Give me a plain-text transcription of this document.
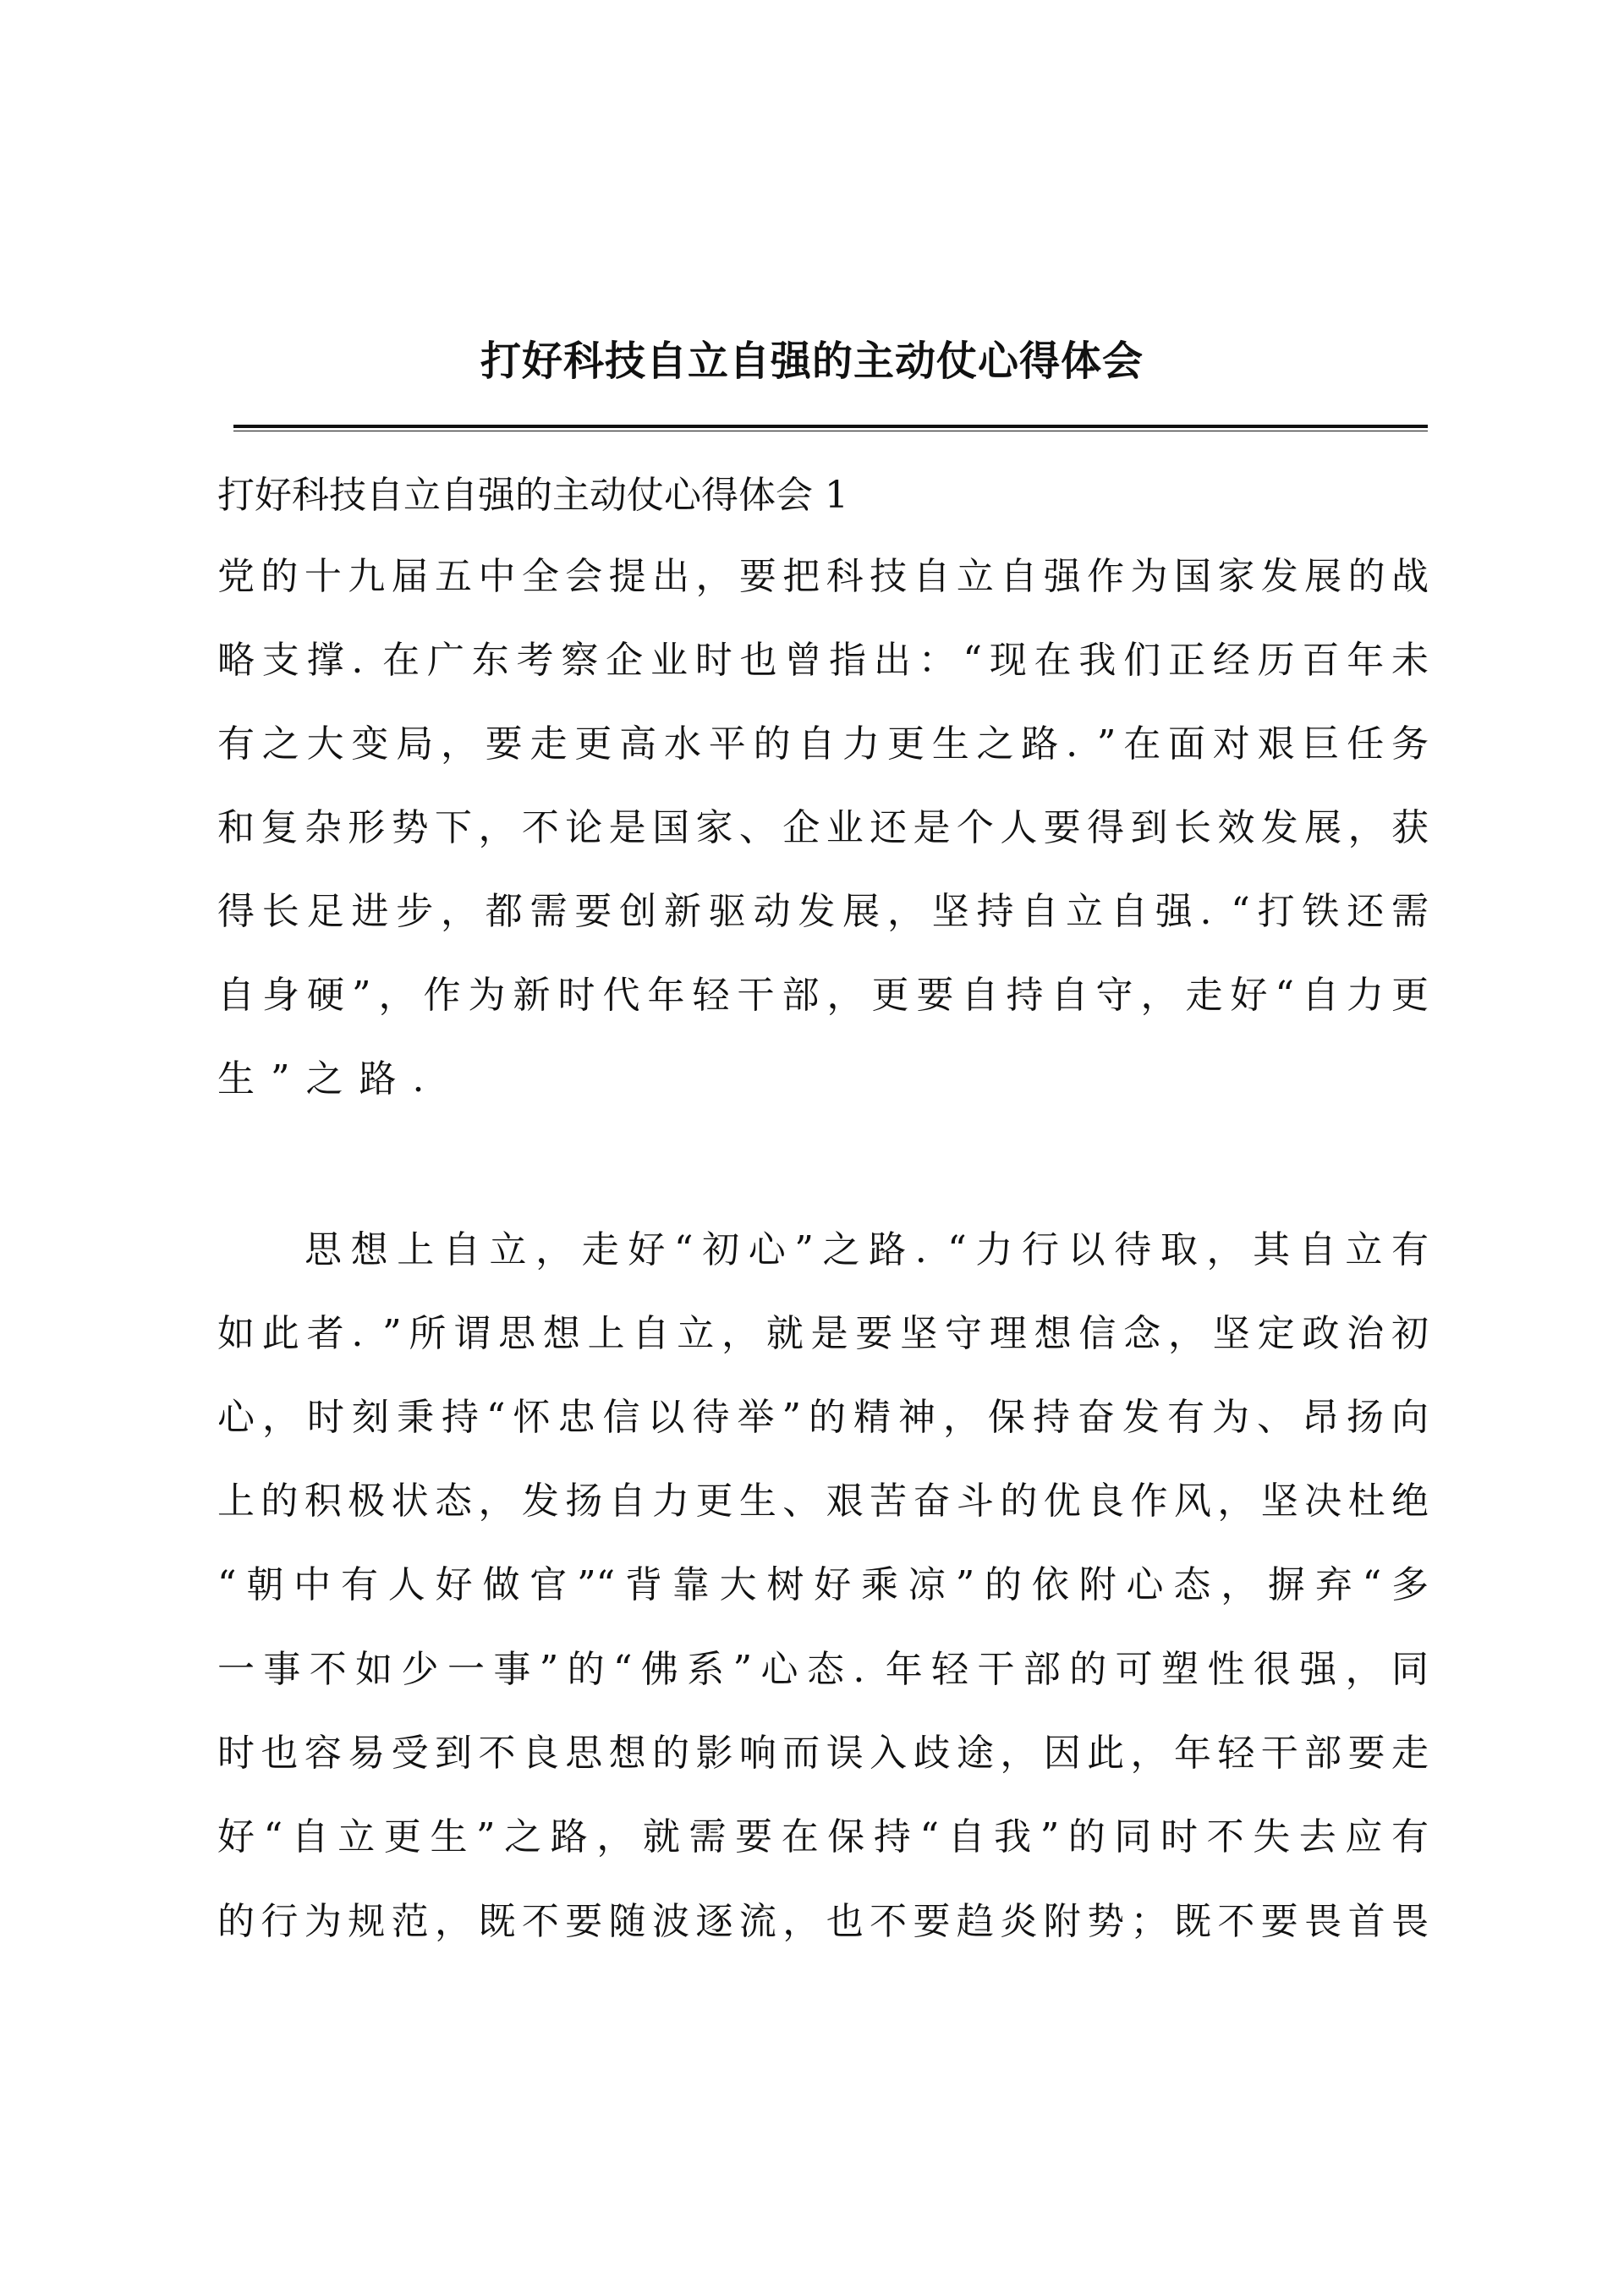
打好科技自立自强的主动仗心得体会
打好科技自立自强的主动仗心得体会 1
党的十九届五中全会提出，要把科技自立自强作为国家发展的战
略支撑. 在广东考察企业时也曾指出：“现在我们正经历百年未
有之大变局，要走更高水平的自力更生之路. ”在面对艰巨任务
和复杂形势下，不论是国家、企业还是个人要得到长效发展，获
得长足进步，都需要创新驱动发展，坚持自立自强. “打铁还需
自身硬”，作为新时代年轻干部，更要自持自守，走好“自力更
生”之路.
思想上自立，走好“初心”之路. “力行以待取，其自立有
如此者. ”所谓思想上自立，就是要坚守理想信念，坚定政治初
心，时刻秉持“怀忠信以待举”的精神，保持奋发有为、昂扬向
上的积极状态，发扬自力更生、艰苦奋斗的优良作风，坚决杜绝
“朝中有人好做官”“背靠大树好乘凉”的依附心态，摒弃“多
一事不如少一事”的“佛系”心态. 年轻干部的可塑性很强，同
时也容易受到不良思想的影响而误入歧途，因此，年轻干部要走
好“自立更生”之路，就需要在保持“自我”的同时不失去应有
的行为规范，既不要随波逐流，也不要趋炎附势；既不要畏首畏
